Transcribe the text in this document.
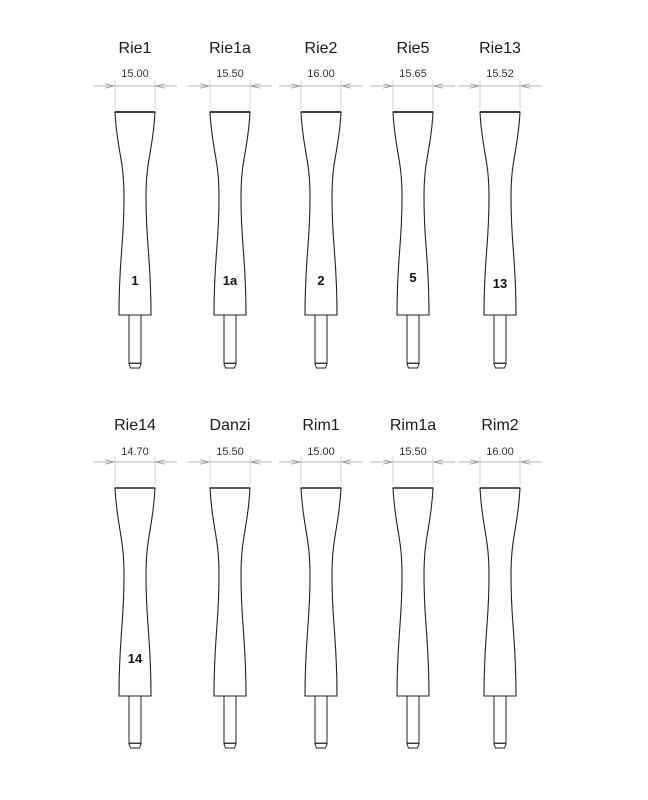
Rie1
15.00
1
Rie1a
15.50
1a
Rie2
16.00
2
Rie5
15.65
5
Rie13
15.52
13
Rie14
14.70
14
Danzi
15.50
Rim1
15.00
Rim1a
15.50
Rim2
16.00
